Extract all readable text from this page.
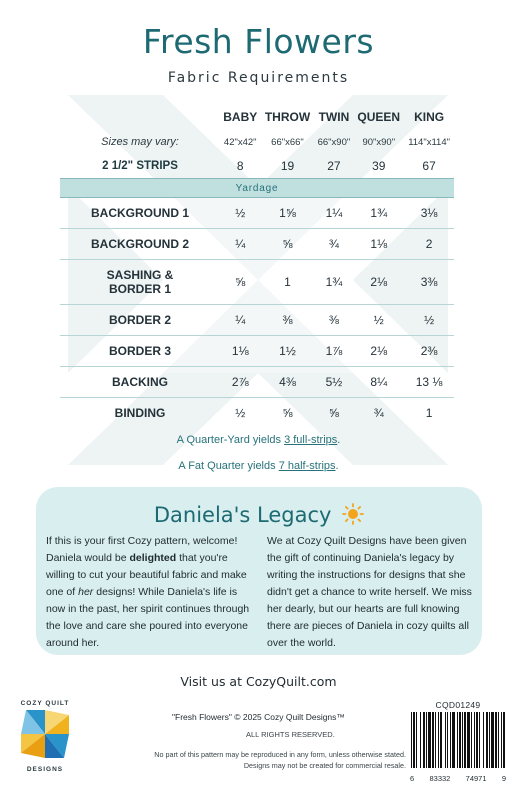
Fresh Flowers
Fabric Requirements
	BABY	THROW	TWIN	QUEEN	KING
Sizes may vary:	42"x42"	66"x66"	66"x90"	90"x90"	114"x114"
2 1/2" STRIPS	8	19	27	39	67
Yardage					
BACKGROUND 1	½	1⅝	1¼	1¾	3⅛
BACKGROUND 2	¼	⅝	¾	1⅛	2
SASHING & BORDER 1	⅝	1	1¾	2⅛	3⅜
BORDER 2	¼	⅜	⅜	½	½
BORDER 3	1⅛	1½	1⅞	2⅛	2⅜
BACKING	2⅞	4⅜	5½	8¼	13 ⅛
BINDING	½	⅝	⅝	¾	1
A Quarter-Yard yields 3 full-strips.
A Fat Quarter yields 7 half-strips.
Daniela's Legacy
If this is your first Cozy pattern, welcome! Daniela would be delighted that you're willing to cut your beautiful fabric and make one of her designs! While Daniela's life is now in the past, her spirit continues through the love and care she poured into everyone around her.
We at Cozy Quilt Designs have been given the gift of continuing Daniela's legacy by writing the instructions for designs that she didn't get a chance to write herself. We miss her dearly, but our hearts are full knowing there are pieces of Daniela in cozy quilts all over the world.
Visit us at CozyQuilt.com
COZY QUILT
DESIGNS
"Fresh Flowers" © 2025 Cozy Quilt Designs™
ALL RIGHTS RESERVED.
No part of this pattern may be reproduced in any form, unless otherwise stated. Designs may not be created for commercial resale.
CQD01249
6 83332 74971 9
